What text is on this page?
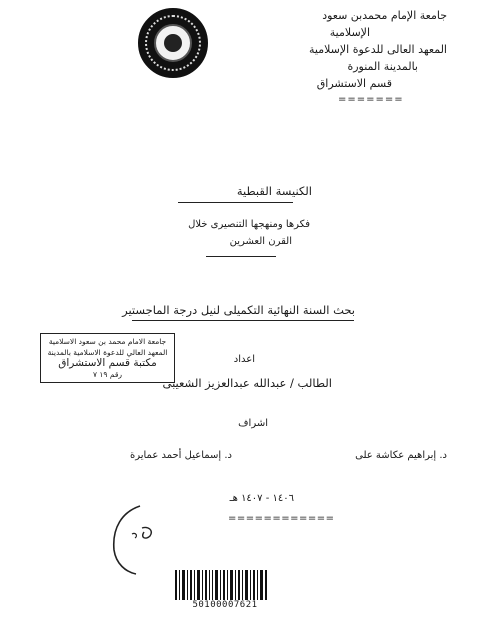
جامعة الإمام محمدبن سعود
الإسلامية
المعهد العالى للدعوة الإسلامية
بالمدينة المنورة
قسم الاستشراق
=======
الكنيسة القبطية
فكرها ومنهجها التنصيرى خلال
القرن العشرين
بحث السنة النهائية التكميلى لنيل درجة الماجستير
جامعة الامام محمد بن سعود الاسلامية
المعهد العالي للدعوة الاسلامية بالمدينة
مكتبة قسم الاستشراق
رقم ١٩ ٧
اعداد
الطالب / عبدالله عبدالعزيز الشعيبى
اشراف
د. إبراهيم عكاشة على
د. إسماعيل أحمد عمايرة
١٤٠٦ - ١٤٠٧ هـ
============
50100007621
